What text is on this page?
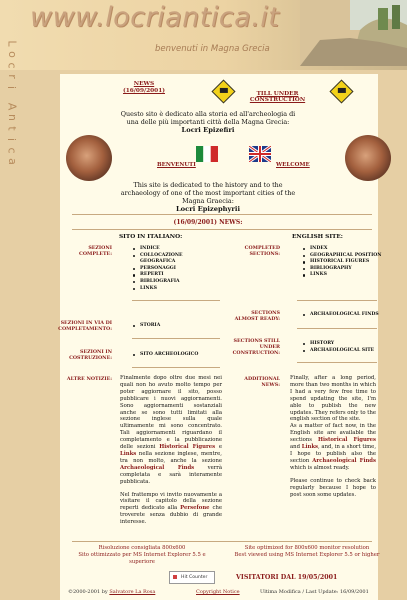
www.locriantica.it
benvenuti in Magna Grecia
L
o
c
r
i
A
n
t
i
c
a
NEWS
(16/09/2001)	TILL UNDER CONSTRUCTION
Questo sito è dedicato alla storia ed all'archeologia di una delle più importanti città della Magna Grecia:
Locri Epizefiri
BENVENUTI	WELCOME
This site is dedicated to the history and to the archaeology of one of the most important cities of the Magna Graecia:
Locri Epizephyrii
(16/09/2001) NEWS:
SITO IN ITALIANO:	ENGLISH SITE:
SEZIONI COMPLETE:
INDICE
COLLOCAZIONE GEOGRAFICA
PERSONAGGI
REPERTI
BIBLIOGRAFIA
LINKS
COMPLETED SECTIONS:
INDEX
GEOGRAPHICAL POSITION
HISTORICAL FIGURES
BIBLIOGRAPHY
LINKS
SECTIONS ALMOST READY:
ARCHAEOLOGICAL FINDS
SEZIONI IN VIA DI COMPLETAMENTO:
STORIA
SECTIONS STILL UNDER CONSTRUCTION:
HISTORY
ARCHAEOLOGICAL SITE
SEZIONI IN COSTRUZIONE:
SITO ARCHEOLOGICO
ALTRE NOTIZIE:	ADDITIONAL NEWS:
Finalmente dopo oltre due mesi nei quali non ho avuto molto tempo per poter aggiornare il sito, posso pubblicare i nuovi aggiornamenti. Sono aggiornamenti sostanziali anche se sono tutti limitati alla sezione inglese sulla quale ultimamente mi sono concentrato. Tali aggiornamenti riguardano il completamento e la pubblicazione delle sezioni Historical Figures e Links nella sezione inglese, mentre, tra non molto, anche la sezione Archaeological Finds	verrà completata e sarà interamente pubblicata.
Nel frattempo vi invito nuovamente a visitare il capitolo della sezione reperti dedicato alla Persefone che troverete senza dubbio di grande interesse.
Finally, after a long period, more than two months in which I had a very few free time to spend updating the site, I'm able to publish the new updates. They refers only to the english section of the site.
As a matter of fact now, in the English site are available the sections Historical Figures and Links, and, in a short time, I hope to publish also the section Archaeological Finds which is almost ready.
Please continue to check back regularly because I hope to post soon some updates.
Risoluzione consigliata 800x600
Sito ottimizzato per MS Internet Explorer 5.5 e superiore
Site optimized for 800x600 monitor resolution
Best viewed using MS Internet Explorer 5.5 or higher
Hit Counter	VISITATORI DAL 19/05/2001
©2000-2001 by Salvatore La Rosa	Copyright Notice	Ultima Modifica / Last Update: 16/09/2001
